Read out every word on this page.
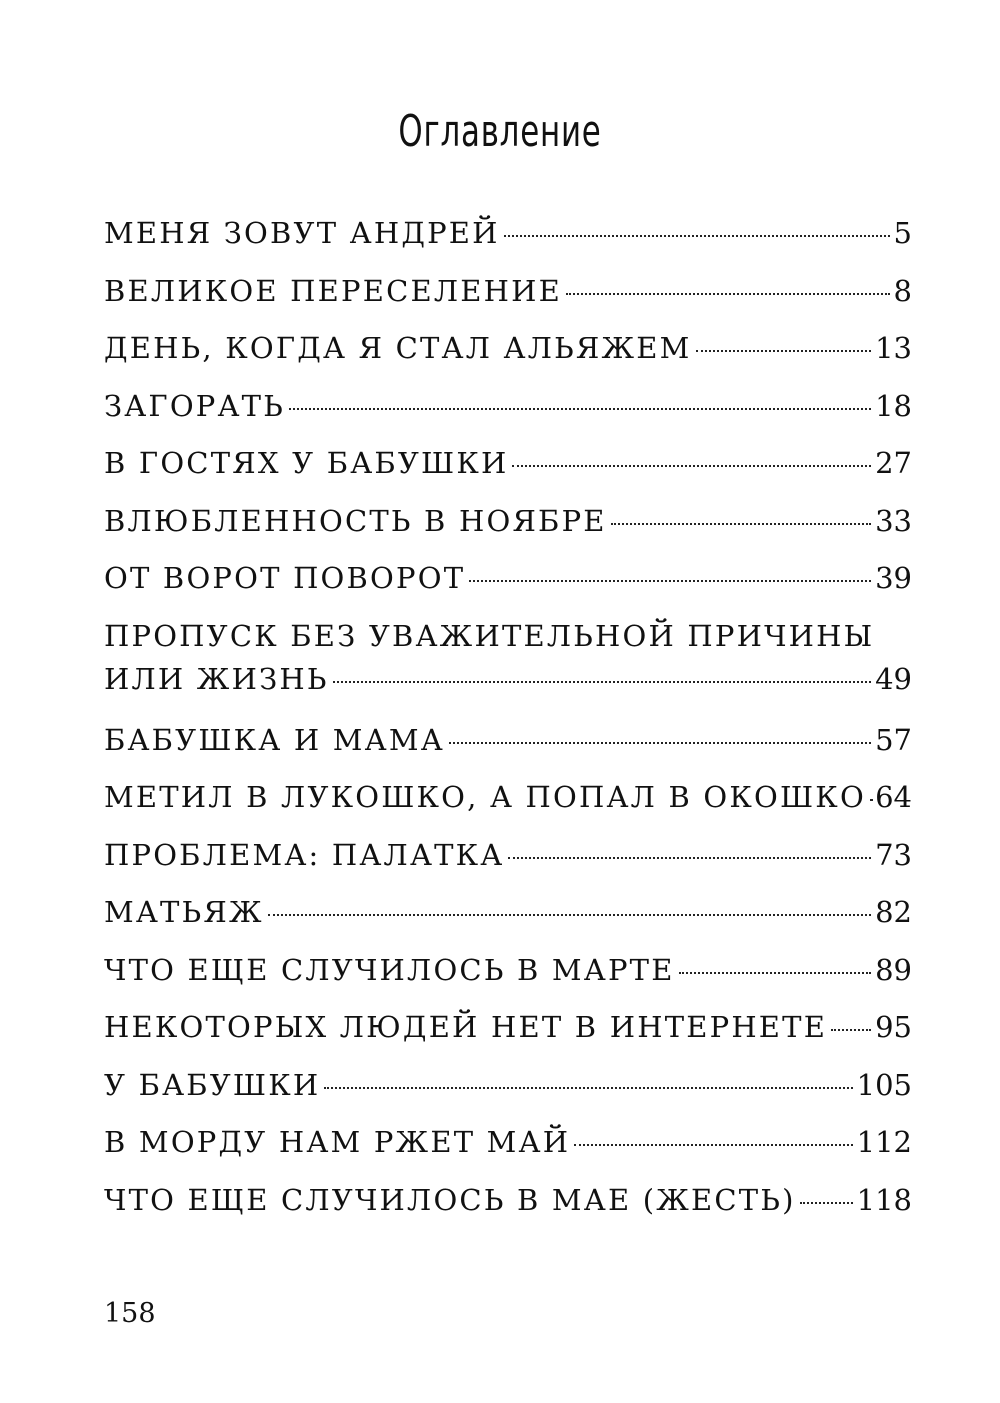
Оглавление
МЕНЯ ЗОВУТ АНДРЕЙ	5
ВЕЛИКОЕ ПЕРЕСЕЛЕНИЕ	8
ДЕНЬ, КОГДА Я СТАЛ АЛЬЯЖЕМ	13
ЗАГОРАТЬ	18
В ГОСТЯХ У БАБУШКИ	27
ВЛЮБЛЕННОСТЬ В НОЯБРЕ	33
ОТ ВОРОТ ПОВОРОТ	39
ПРОПУСК БЕЗ УВАЖИТЕЛЬНОЙ ПРИЧИНЫ
ИЛИ ЖИЗНЬ	49
БАБУШКА И МАМА	57
МЕТИЛ В ЛУКОШКО, А ПОПАЛ В ОКОШКО 64
ПРОБЛЕМА: ПАЛАТКА	73
МАТЬЯЖ	82
ЧТО ЕЩЕ СЛУЧИЛОСЬ В МАРТЕ	89
НЕКОТОРЫХ ЛЮДЕЙ НЕТ В ИНТЕРНЕТЕ 95
У БАБУШКИ	105
В МОРДУ НАМ РЖЕТ МАЙ	112
ЧТО ЕЩЕ СЛУЧИЛОСЬ В МАЕ (ЖЕСТЬ) 118

158
